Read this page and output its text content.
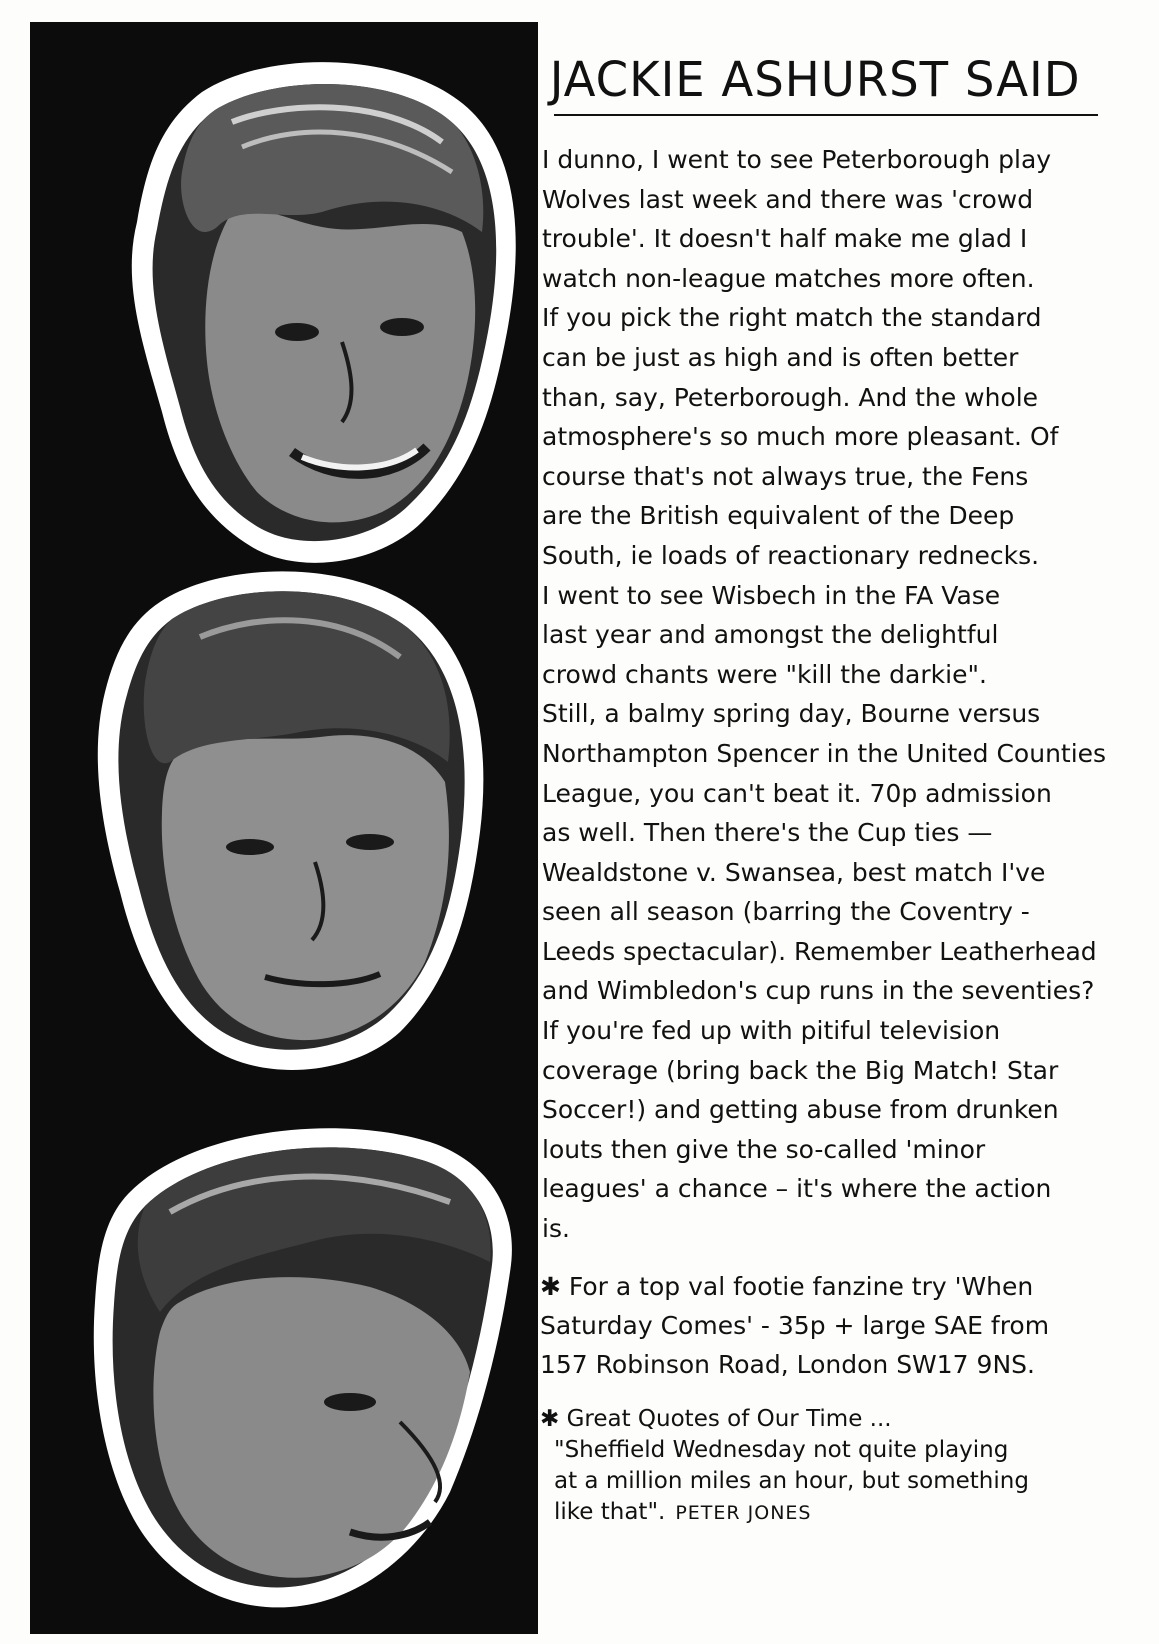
JACKIE ASHURST SAID
I dunno, I went to see Peterborough play
Wolves last week and there was 'crowd
trouble'. It doesn't half make me glad I
watch non-league matches more often.
If you pick the right match the standard
can be just as high and is often better
than, say, Peterborough. And the whole
atmosphere's so much more pleasant. Of
course that's not always true, the Fens
are the British equivalent of the Deep
South, ie loads of reactionary rednecks.
I went to see Wisbech in the FA Vase
last year and amongst the delightful
crowd chants were "kill the darkie".
Still, a balmy spring day, Bourne versus
Northampton Spencer in the United Counties
League, you can't beat it. 70p admission
as well. Then there's the Cup ties —
Wealdstone v. Swansea, best match I've
seen all season (barring the Coventry -
Leeds spectacular). Remember Leatherhead
and Wimbledon's cup runs in the seventies?
If you're fed up with pitiful television
coverage (bring back the Big Match! Star
Soccer!) and getting abuse from drunken
louts then give the so-called 'minor
leagues' a chance – it's where the action
is.
✱ For a top val footie fanzine try 'When
Saturday Comes' - 35p + large SAE from
157 Robinson Road, London SW17 9NS.
✱ Great Quotes of Our Time ...
"Sheffield Wednesday not quite playing
at a million miles an hour, but something
like that". PETER JONES
